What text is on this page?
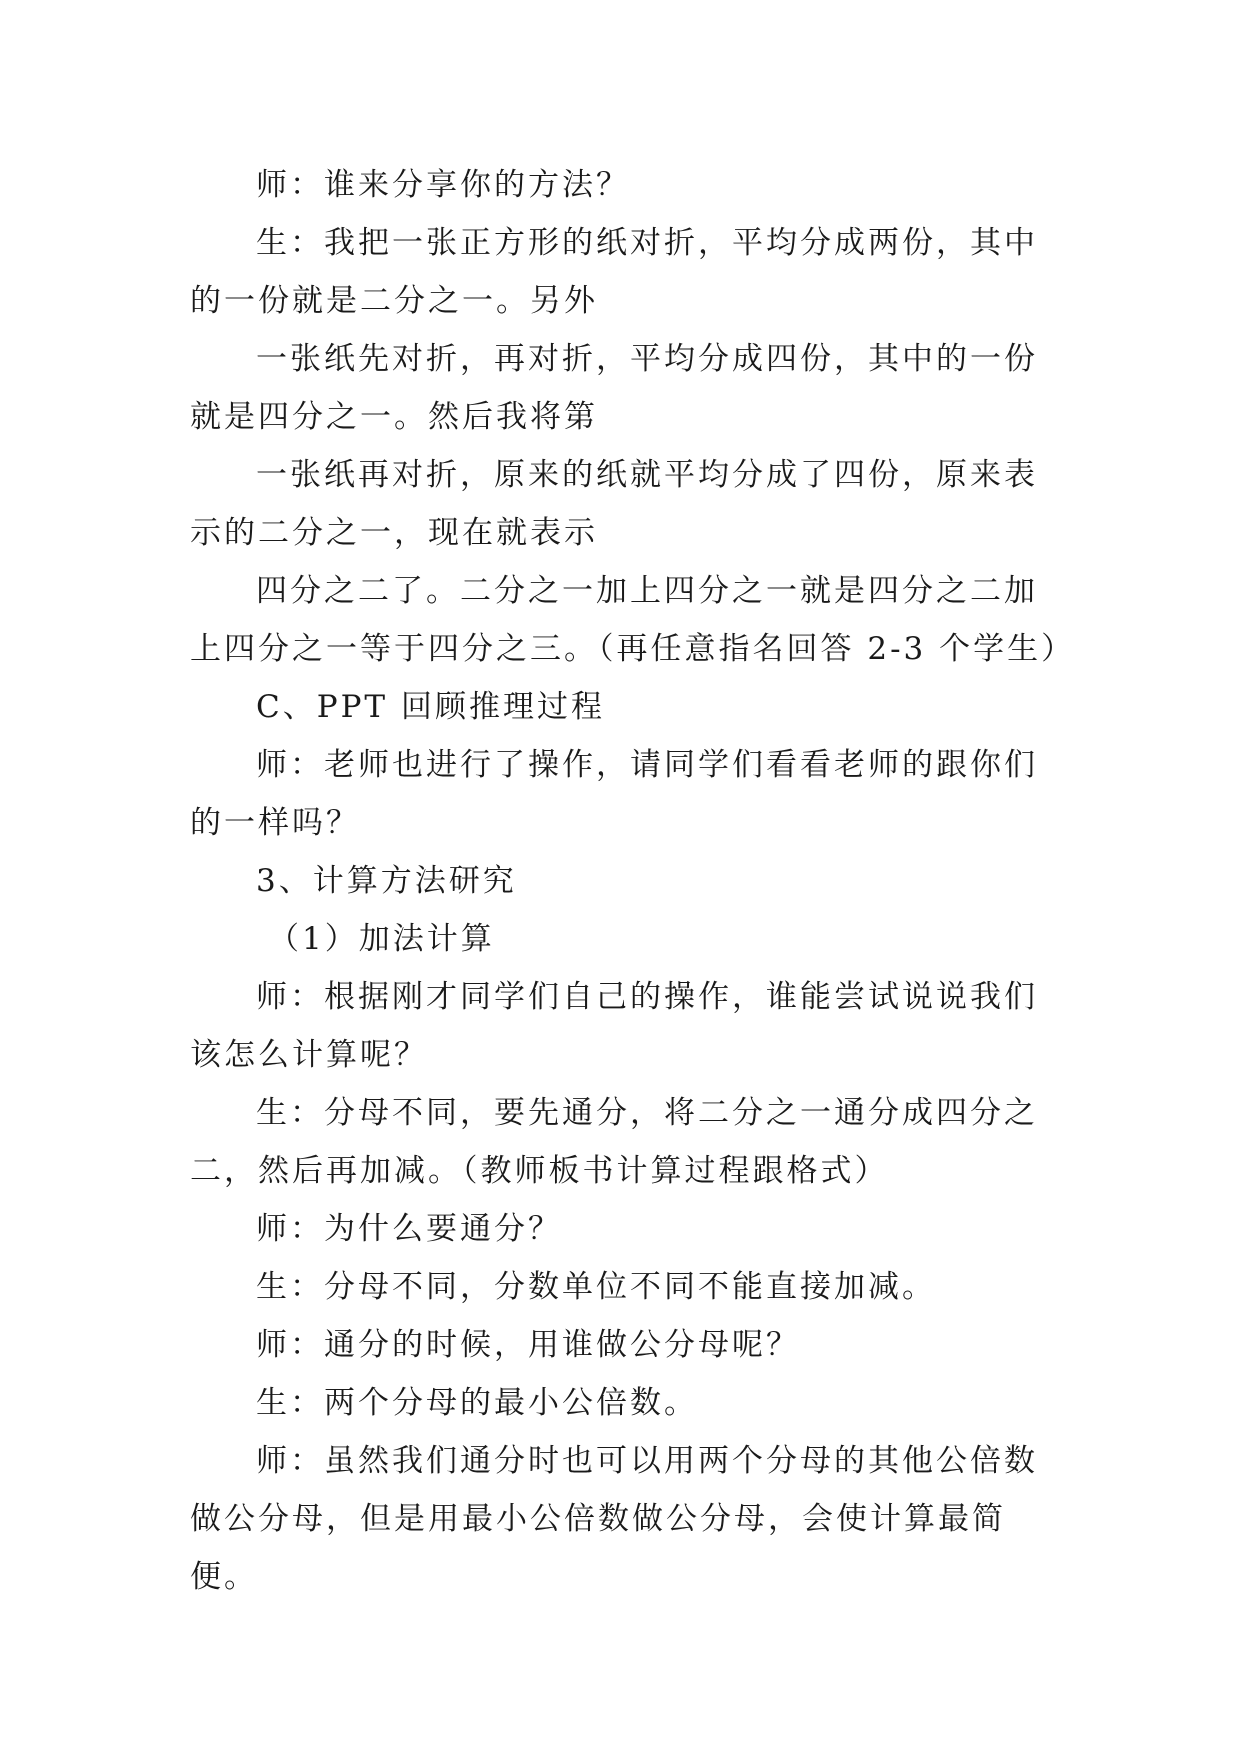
师：谁来分享你的方法？

生：我把一张正方形的纸对折，平均分成两份，其中的一份就是二分之一。另外

一张纸先对折，再对折，平均分成四份，其中的一份就是四分之一。然后我将第

一张纸再对折，原来的纸就平均分成了四份，原来表示的二分之一，现在就表示

四分之二了。二分之一加上四分之一就是四分之二加上四分之一等于四分之三。（再任意指名回答 2-3 个学生）

C、PPT 回顾推理过程

师：老师也进行了操作，请同学们看看老师的跟你们的一样吗？

3、计算方法研究

（1）加法计算

师：根据刚才同学们自己的操作，谁能尝试说说我们该怎么计算呢？

生：分母不同，要先通分，将二分之一通分成四分之二，然后再加减。（教师板书计算过程跟格式）

师：为什么要通分？

生：分母不同，分数单位不同不能直接加减。

师：通分的时候，用谁做公分母呢？

生：两个分母的最小公倍数。

师：虽然我们通分时也可以用两个分母的其他公倍数做公分母，但是用最小公倍数做公分母，会使计算最简便。
